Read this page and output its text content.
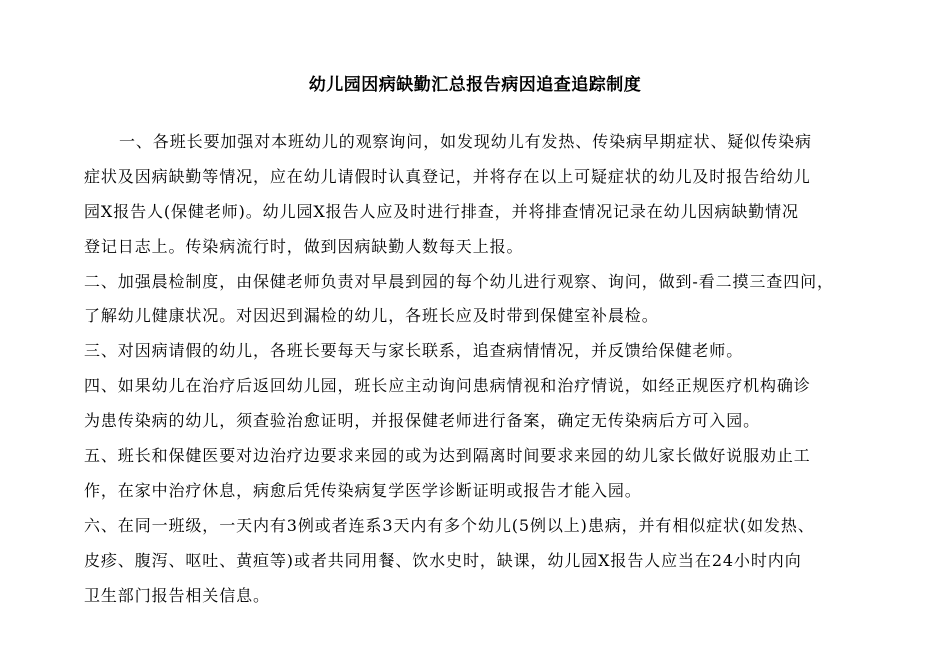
幼儿园因病缺勤汇总报告病因追查追踪制度
一、各班长要加强对本班幼儿的观察询问，如发现幼儿有发热、传染病早期症状、疑似传染病
症状及因病缺勤等情况，应在幼儿请假时认真登记，并将存在以上可疑症状的幼儿及时报告给幼儿
园X报告人(保健老师)。幼儿园X报告人应及时进行排查，并将排查情况记录在幼儿因病缺勤情况
登记日志上。传染病流行时，做到因病缺勤人数每天上报。
二、加强晨检制度，由保健老师负责对早晨到园的每个幼儿进行观察、询问，做到-看二摸三查四问，
了解幼儿健康状况。对因迟到漏检的幼儿，各班长应及时带到保健室补晨检。
三、对因病请假的幼儿，各班长要每天与家长联系，追查病情情况，并反馈给保健老师。
四、如果幼儿在治疗后返回幼儿园，班长应主动询问患病情视和治疗情说，如经正规医疗机构确诊
为患传染病的幼儿，须查验治愈证明，并报保健老师进行备案，确定无传染病后方可入园。
五、班长和保健医要对边治疗边要求来园的或为达到隔离时间要求来园的幼儿家长做好说服劝止工
作，在家中治疗休息，病愈后凭传染病复学医学诊断证明或报告才能入园。
六、在同一班级，一天内有3例或者连系3天内有多个幼儿(5例以上)患病，并有相似症状(如发热、
皮疹、腹泻、呕吐、黄疸等)或者共同用餐、饮水史时，缺课，幼儿园X报告人应当在24小时内向
卫生部门报告相关信息。
